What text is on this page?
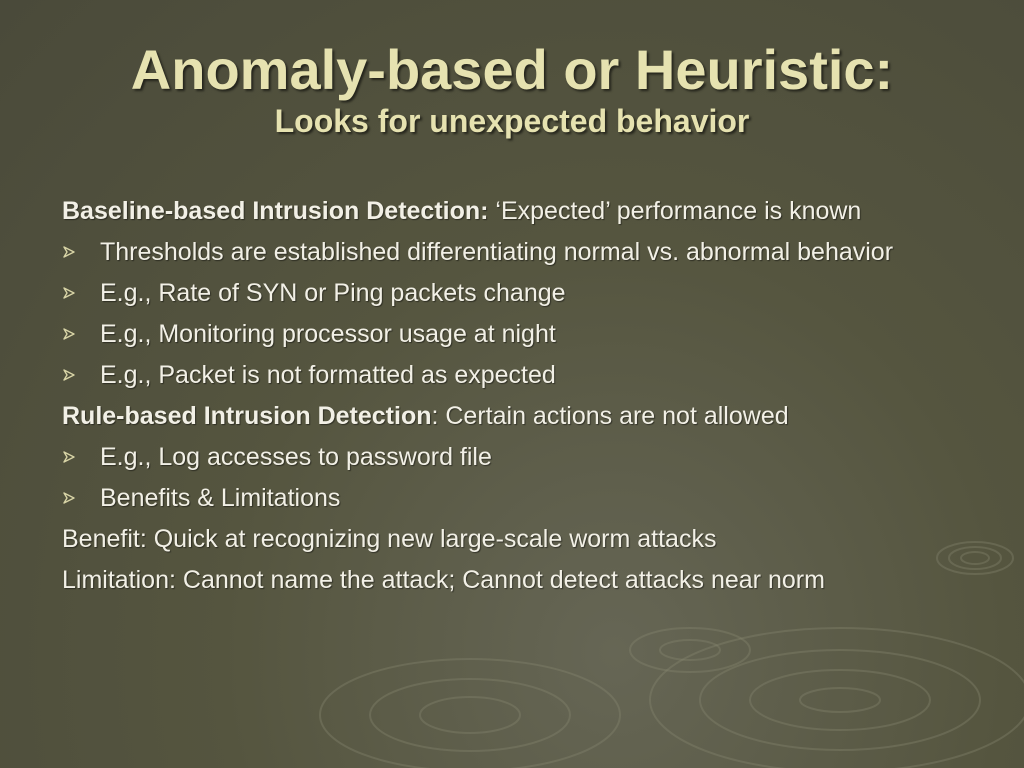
Anomaly-based or Heuristic:
Looks for unexpected behavior
Baseline-based Intrusion Detection: ‘Expected’ performance is known
Thresholds are established differentiating normal vs. abnormal behavior
E.g., Rate of SYN or Ping packets change
E.g., Monitoring processor usage at night
E.g., Packet is not formatted as expected
Rule-based Intrusion Detection: Certain actions are not allowed
E.g., Log accesses to password file
Benefits & Limitations
Benefit: Quick at recognizing new large-scale worm attacks
Limitation: Cannot name the attack; Cannot detect attacks near norm
